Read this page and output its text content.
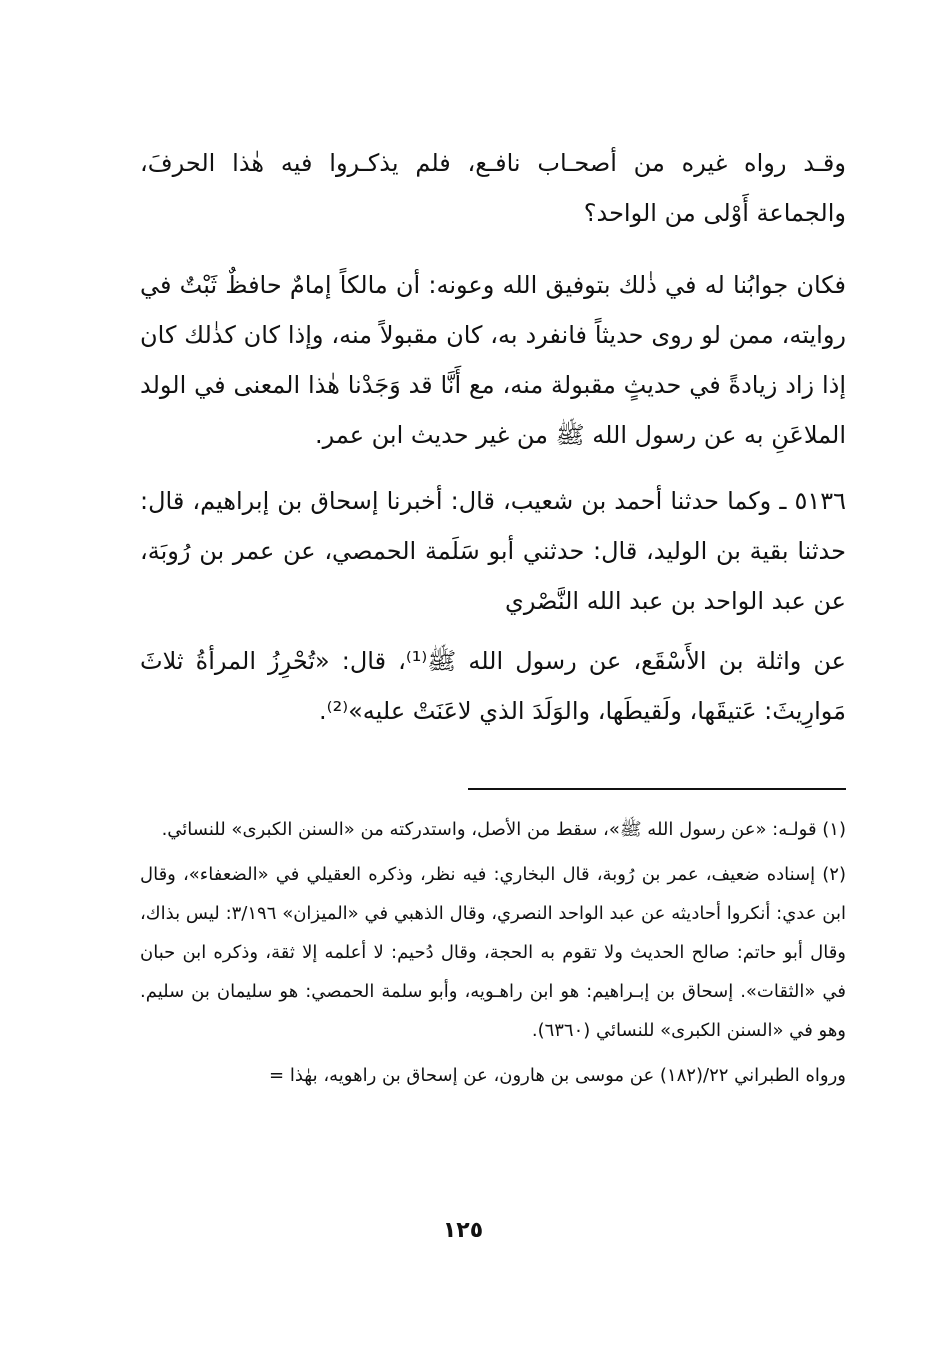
وقـد رواه غيره من أصحـاب نافـع، فلم يذكـروا فيه هٰذا الحرفَ، والجماعة أَوْلى من الواحد؟

فكان جوابُنا له في ذٰلك بتوفيق الله وعونه: أن مالكاً إمامٌ حافظٌ ثَبْتٌ في روايته، ممن لو روى حديثاً فانفرد به، كان مقبولاً منه، وإذا كان كذٰلك كان إذا زاد زيادةً في حديثٍ مقبولة منه، مع أَنَّا قد وَجَدْنا هٰذا المعنى في الولد الملاعَنِ به عن رسول الله ﷺ من غير حديث ابن عمر.

٥١٣٦ ـ وكما حدثنا أحمد بن شعيب، قال: أخبرنا إسحاق بن إبراهيم، قال: حدثنا بقية بن الوليد، قال: حدثني أبو سَلَمة الحمصي، عن عمر بن رُوبَة، عن عبد الواحد بن عبد الله النَّصْري

عن واثلة بن الأَسْقَع، عن رسول الله ﷺ⁽¹⁾، قال: «تُحْرِزُ المرأةُ ثلاثَ مَوارِيثَ: عَتيقَها، ولَقيطَها، والوَلَدَ الذي لاعَنَتْ عليه»⁽²⁾.

(١) قولـه: «عن رسول الله ﷺ»، سقط من الأصل، واستدركته من «السنن الكبرى» للنسائي.

(٢) إسناده ضعيف، عمر بن رُوبة، قال البخاري: فيه نظر، وذكره العقيلي في «الضعفاء»، وقال ابن عدي: أنكروا أحاديثه عن عبد الواحد النصري، وقال الذهبي في «الميزان» ٣/١٩٦: ليس بذاك، وقال أبو حاتم: صالح الحديث ولا تقوم به الحجة، وقال دُحيم: لا أعلمه إلا ثقة، وذكره ابن حبان في «الثقات». إسحاق بن إبـراهيم: هو ابن راهـويه، وأبو سلمة الحمصي: هو سليمان بن سليم. وهو في «السنن الكبرى» للنسائي (٦٣٦٠).

ورواه الطبراني ٢٢/(١٨٢) عن موسى بن هارون، عن إسحاق بن راهويه، بهٰذا =

١٢٥
